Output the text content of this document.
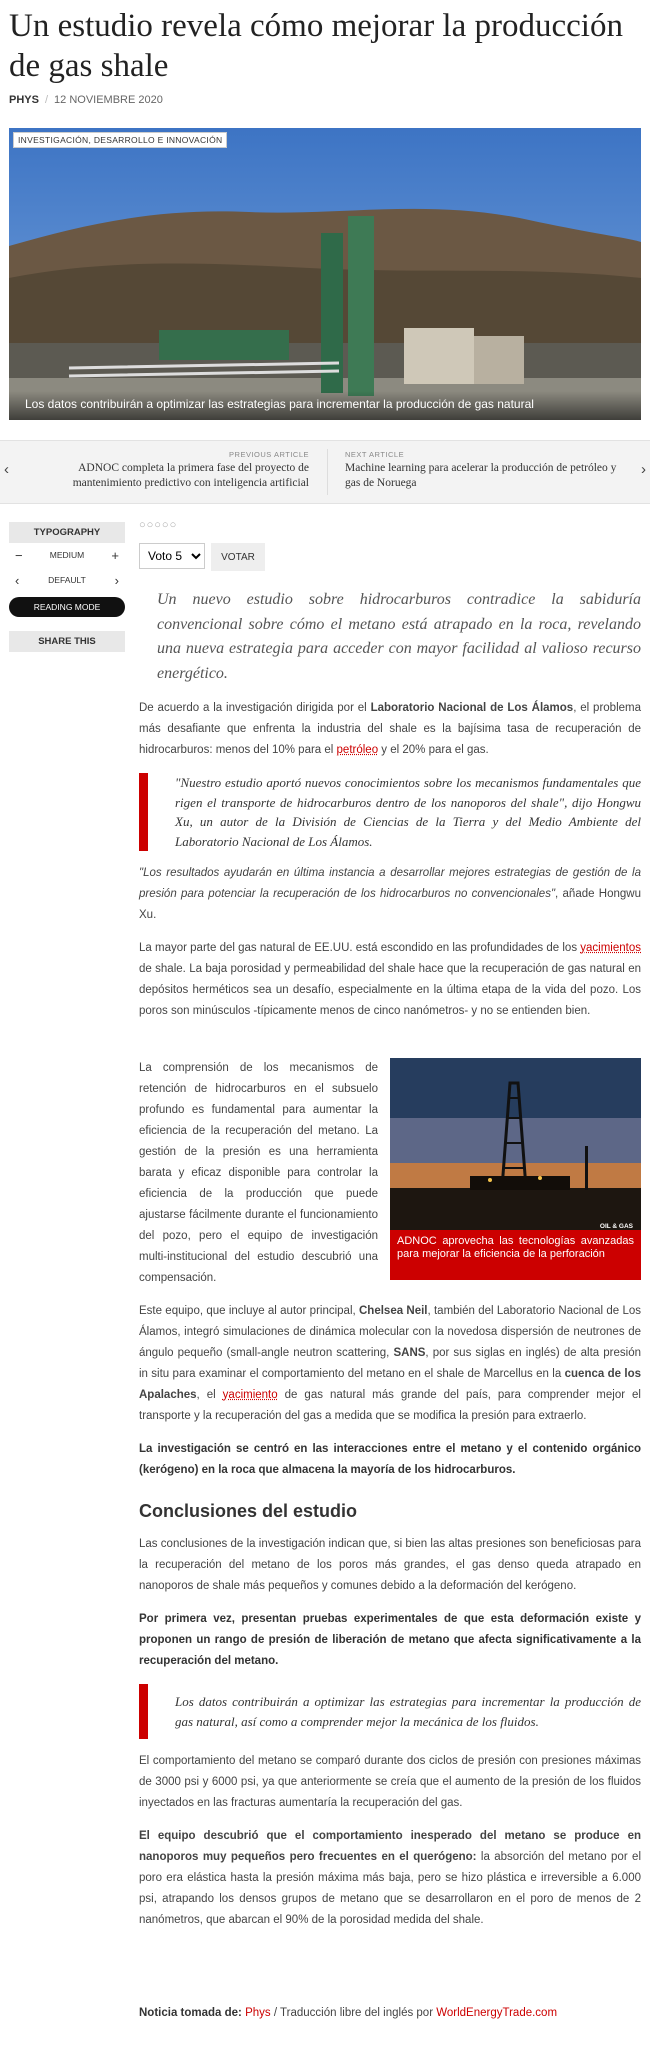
Un estudio revela cómo mejorar la producción de gas shale
PHYS / 12 NOVIEMBRE 2020
INVESTIGACIÓN, DESARROLLO E INNOVACIÓN
Los datos contribuirán a optimizar las estrategias para incrementar la producción de gas natural
‹
PREVIOUS ARTICLE
ADNOC completa la primera fase del proyecto de mantenimiento predictivo con inteligencia artificial
NEXT ARTICLE
Machine learning para acelerar la producción de petróleo y gas de Noruega
›
TYPOGRAPHY
−	MEDIUM +
‹	DEFAULT ›
READING MODE
SHARE THIS
○○○○○
Voto 5
VOTAR

Un nuevo estudio sobre hidrocarburos contradice la sabiduría convencional sobre cómo el metano está atrapado en la roca, revelando una nueva estrategia para acceder con mayor facilidad al valioso recurso energético.

De acuerdo a la investigación dirigida por el Laboratorio Nacional de Los Álamos, el problema más desafiante que enfrenta la industria del shale es la bajísima tasa de recuperación de hidrocarburos: menos del 10% para el petróleo y el 20% para el gas.

"Nuestro estudio aportó nuevos conocimientos sobre los mecanismos fundamentales que rigen el transporte de hidrocarburos dentro de los nanoporos del shale", dijo Hongwu Xu, un autor de la División de Ciencias de la Tierra y del Medio Ambiente del Laboratorio Nacional de Los Álamos.

"Los resultados ayudarán en última instancia a desarrollar mejores estrategias de gestión de la presión para potenciar la recuperación de los hidrocarburos no convencionales", añade Hongwu Xu.

La mayor parte del gas natural de EE.UU. está escondido en las profundidades de los yacimientos de shale. La baja porosidad y permeabilidad del shale hace que la recuperación de gas natural en depósitos herméticos sea un desafío, especialmente en la última etapa de la vida del pozo. Los poros son minúsculos -típicamente menos de cinco nanómetros- y no se entienden bien.

OIL & GAS
ADNOC aprovecha las tecnologías avanzadas para mejorar la eficiencia de la perforación

La comprensión de los mecanismos de retención de hidrocarburos en el subsuelo profundo es fundamental para aumentar la eficiencia de la recuperación del metano. La gestión de la presión es una herramienta barata y eficaz disponible para controlar la eficiencia de la producción que puede ajustarse fácilmente durante el funcionamiento del pozo, pero el equipo de investigación multi-institucional del estudio descubrió una compensación.

Este equipo, que incluye al autor principal, Chelsea Neil, también del Laboratorio Nacional de Los Álamos, integró simulaciones de dinámica molecular con la novedosa dispersión de neutrones de ángulo pequeño (small-angle neutron scattering, SANS, por sus siglas en inglés) de alta presión in situ para examinar el comportamiento del metano en el shale de Marcellus en la cuenca de los Apalaches, el yacimiento de gas natural más grande del país, para comprender mejor el transporte y la recuperación del gas a medida que se modifica la presión para extraerlo.

La investigación se centró en las interacciones entre el metano y el contenido orgánico (kerógeno) en la roca que almacena la mayoría de los hidrocarburos.

Conclusiones del estudio

Las conclusiones de la investigación indican que, si bien las altas presiones son beneficiosas para la recuperación del metano de los poros más grandes, el gas denso queda atrapado en nanoporos de shale más pequeños y comunes debido a la deformación del kerógeno.

Por primera vez, presentan pruebas experimentales de que esta deformación existe y proponen un rango de presión de liberación de metano que afecta significativamente a la recuperación del metano.

Los datos contribuirán a optimizar las estrategias para incrementar la producción de gas natural, así como a comprender mejor la mecánica de los fluidos.

El comportamiento del metano se comparó durante dos ciclos de presión con presiones máximas de 3000 psi y 6000 psi, ya que anteriormente se creía que el aumento de la presión de los fluidos inyectados en las fracturas aumentaría la recuperación del gas.

El equipo descubrió que el comportamiento inesperado del metano se produce en nanoporos muy pequeños pero frecuentes en el querógeno: la absorción del metano por el poro era elástica hasta la presión máxima más baja, pero se hizo plástica e irreversible a 6.000 psi, atrapando los densos grupos de metano que se desarrollaron en el poro de menos de 2 nanómetros, que abarcan el 90% de la porosidad medida del shale.

Noticia tomada de: Phys / Traducción libre del inglés por WorldEnergyTrade.com
